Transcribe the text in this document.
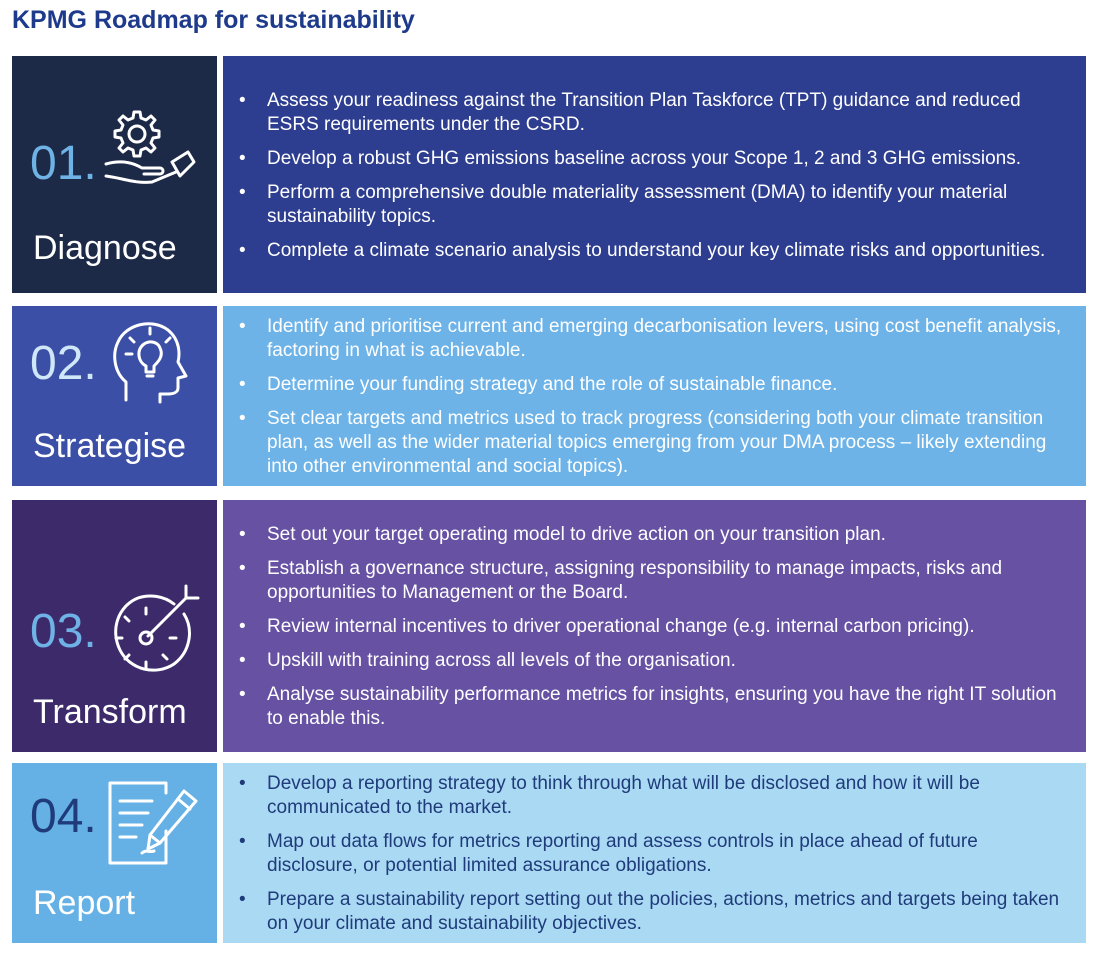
KPMG Roadmap for sustainability
01.
Diagnose
• Assess your readiness against the Transition Plan Taskforce (TPT) guidance and reduced ESRS requirements under the CSRD.
• Develop a robust GHG emissions baseline across your Scope 1, 2 and 3 GHG emissions.
• Perform a comprehensive double materiality assessment (DMA) to identify your material sustainability topics.
• Complete a climate scenario analysis to understand your key climate risks and opportunities.
02.
Strategise
• Identify and prioritise current and emerging decarbonisation levers, using cost benefit analysis, factoring in what is achievable.
• Determine your funding strategy and the role of sustainable finance.
• Set clear targets and metrics used to track progress (considering both your climate transition plan, as well as the wider material topics emerging from your DMA process – likely extending into other environmental and social topics).
03.
Transform
• Set out your target operating model to drive action on your transition plan.
• Establish a governance structure, assigning responsibility to manage impacts, risks and opportunities to Management or the Board.
• Review internal incentives to driver operational change (e.g. internal carbon pricing).
• Upskill with training across all levels of the organisation.
• Analyse sustainability performance metrics for insights, ensuring you have the right IT solution to enable this.
04.
Report
• Develop a reporting strategy to think through what will be disclosed and how it will be communicated to the market.
• Map out data flows for metrics reporting and assess controls in place ahead of future disclosure, or potential limited assurance obligations.
• Prepare a sustainability report setting out the policies, actions, metrics and targets being taken on your climate and sustainability objectives.
